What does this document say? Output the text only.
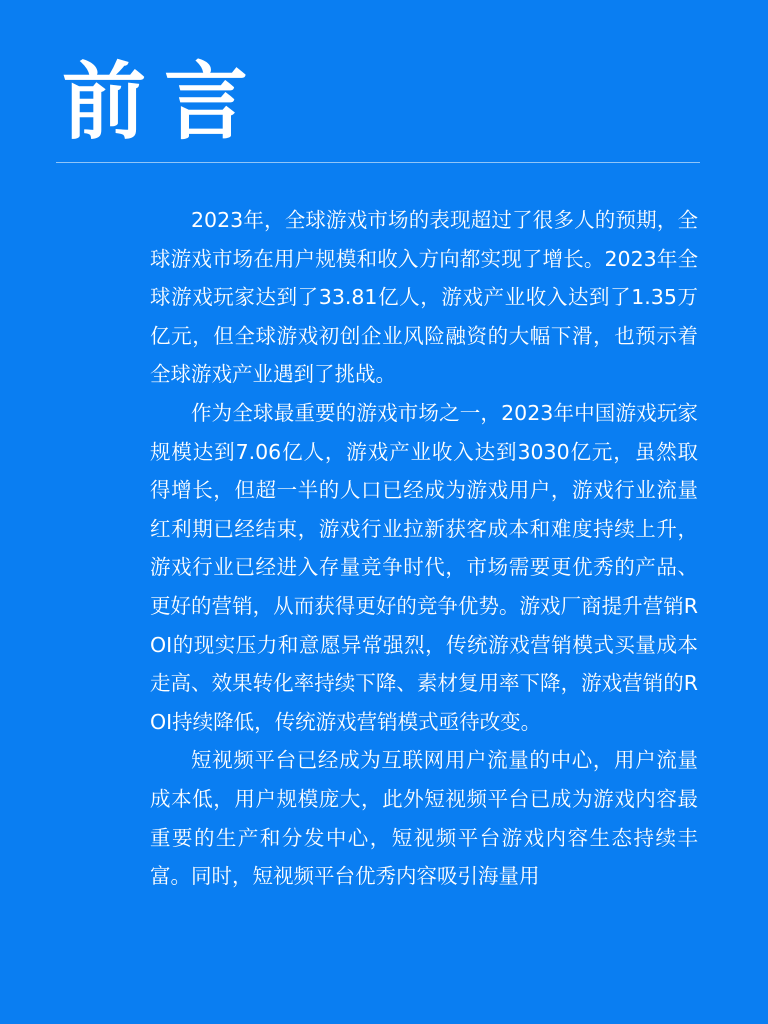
前言

2023年，全球游戏市场的表现超过了很多人的预期，全球游戏市场在用户规模和收入方向都实现了增长。2023年全球游戏玩家达到了33.81亿人，游戏产业收入达到了1.35万亿元，但全球游戏初创企业风险融资的大幅下滑，也预示着全球游戏产业遇到了挑战。

作为全球最重要的游戏市场之一，2023年中国游戏玩家规模达到7.06亿人，游戏产业收入达到3030亿元，虽然取得增长，但超一半的人口已经成为游戏用户，游戏行业流量红利期已经结束，游戏行业拉新获客成本和难度持续上升，游戏行业已经进入存量竞争时代，市场需要更优秀的产品、更好的营销，从而获得更好的竞争优势。游戏厂商提升营销ROI的现实压力和意愿异常强烈，传统游戏营销模式买量成本走高、效果转化率持续下降、素材复用率下降，游戏营销的ROI持续降低，传统游戏营销模式亟待改变。

短视频平台已经成为互联网用户流量的中心，用户流量成本低，用户规模庞大，此外短视频平台已成为游戏内容最重要的生产和分发中心，短视频平台游戏内容生态持续丰富。同时，短视频平台优秀内容吸引海量用
